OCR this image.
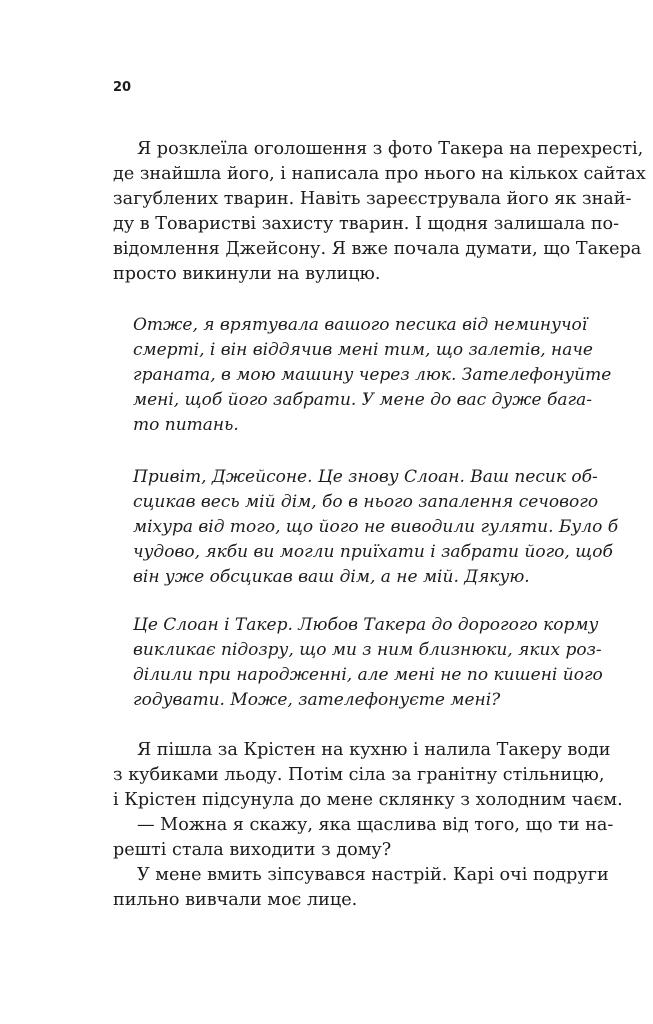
20
Я розклеїла оголошення з фото Такера на перехресті,
де знайшла його, і написала про нього на кількох сайтах
загублених тварин. Навіть зареєструвала його як знай-
ду в Товаристві захисту тварин. І щодня залишала по-
відомлення Джейсону. Я вже почала думати, що Такера
просто викинули на вулицю.
Отже, я врятувала вашого песика від неминучої
смерті, і він віддячив мені тим, що залетів, наче
граната, в мою машину через люк. Зателефонуйте
мені, щоб його забрати. У мене до вас дуже бага-
то питань.
Привіт, Джейсоне. Це знову Слоан. Ваш песик об-
сцикав весь мій дім, бо в нього запалення сечового
міхура від того, що його не виводили гуляти. Було б
чудово, якби ви могли приїхати і забрати його, щоб
він уже обсцикав ваш дім, а не мій. Дякую.
Це Слоан і Такер. Любов Такера до дорогого корму
викликає підозру, що ми з ним близнюки, яких роз-
ділили при народженні, але мені не по кишені його
годувати. Може, зателефонуєте мені?
Я пішла за Крістен на кухню і налила Такеру води
з кубиками льоду. Потім сіла за гранітну стільницю,
і Крістен підсунула до мене склянку з холодним чаєм.
— Можна я скажу, яка щаслива від того, що ти на-
решті стала виходити з дому?
У мене вмить зіпсувався настрій. Карі очі подруги
пильно вивчали моє лице.
